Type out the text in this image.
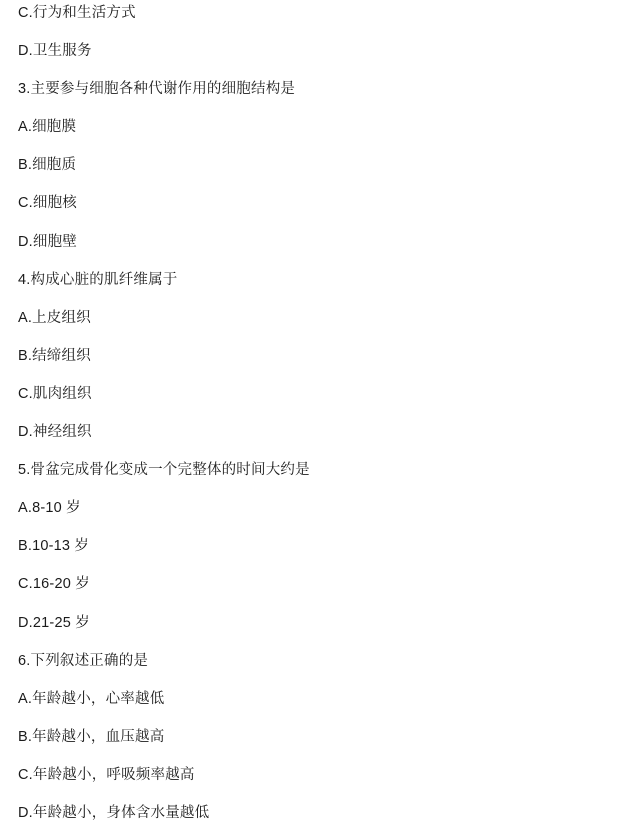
C.行为和生活方式

D.卫生服务

3.主要参与细胞各种代谢作用的细胞结构是

A.细胞膜

B.细胞质

C.细胞核

D.细胞壁

4.构成心脏的肌纤维属于

A.上皮组织

B.结缔组织

C.肌肉组织

D.神经组织

5.骨盆完成骨化变成一个完整体的时间大约是

A.8-10 岁

B.10-13 岁

C.16-20 岁

D.21-25 岁

6.下列叙述正确的是

A.年龄越小，心率越低

B.年龄越小，血压越高

C.年龄越小，呼吸频率越高

D.年龄越小，身体含水量越低
